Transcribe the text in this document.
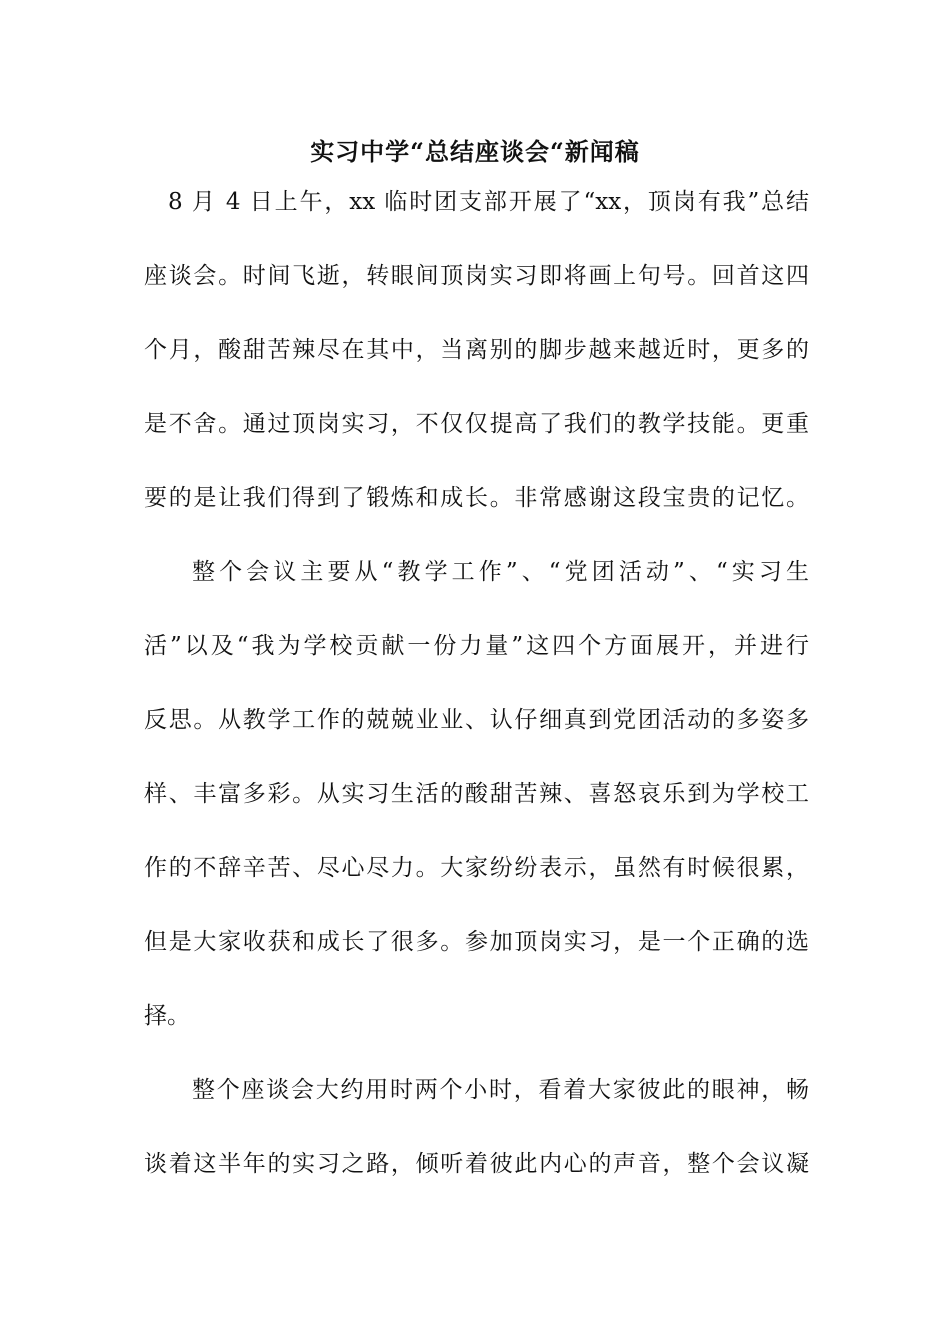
实习中学“总结座谈会“新闻稿
8 月 4 日上午，xx 临时团支部开展了“xx，顶岗有我”总结
座谈会。时间飞逝，转眼间顶岗实习即将画上句号。回首这四
个月，酸甜苦辣尽在其中，当离别的脚步越来越近时，更多的
是不舍。通过顶岗实习，不仅仅提高了我们的教学技能。更重
要的是让我们得到了锻炼和成长。非常感谢这段宝贵的记忆。
整个会议主要从“教学工作”、“党团活动”、“实习生
活”以及“我为学校贡献一份力量”这四个方面展开，并进行
反思。从教学工作的兢兢业业、认仔细真到党团活动的多姿多
样、丰富多彩。从实习生活的酸甜苦辣、喜怒哀乐到为学校工
作的不辞辛苦、尽心尽力。大家纷纷表示，虽然有时候很累，
但是大家收获和成长了很多。参加顶岗实习，是一个正确的选
择。
整个座谈会大约用时两个小时，看着大家彼此的眼神，畅
谈着这半年的实习之路，倾听着彼此内心的声音，整个会议凝
